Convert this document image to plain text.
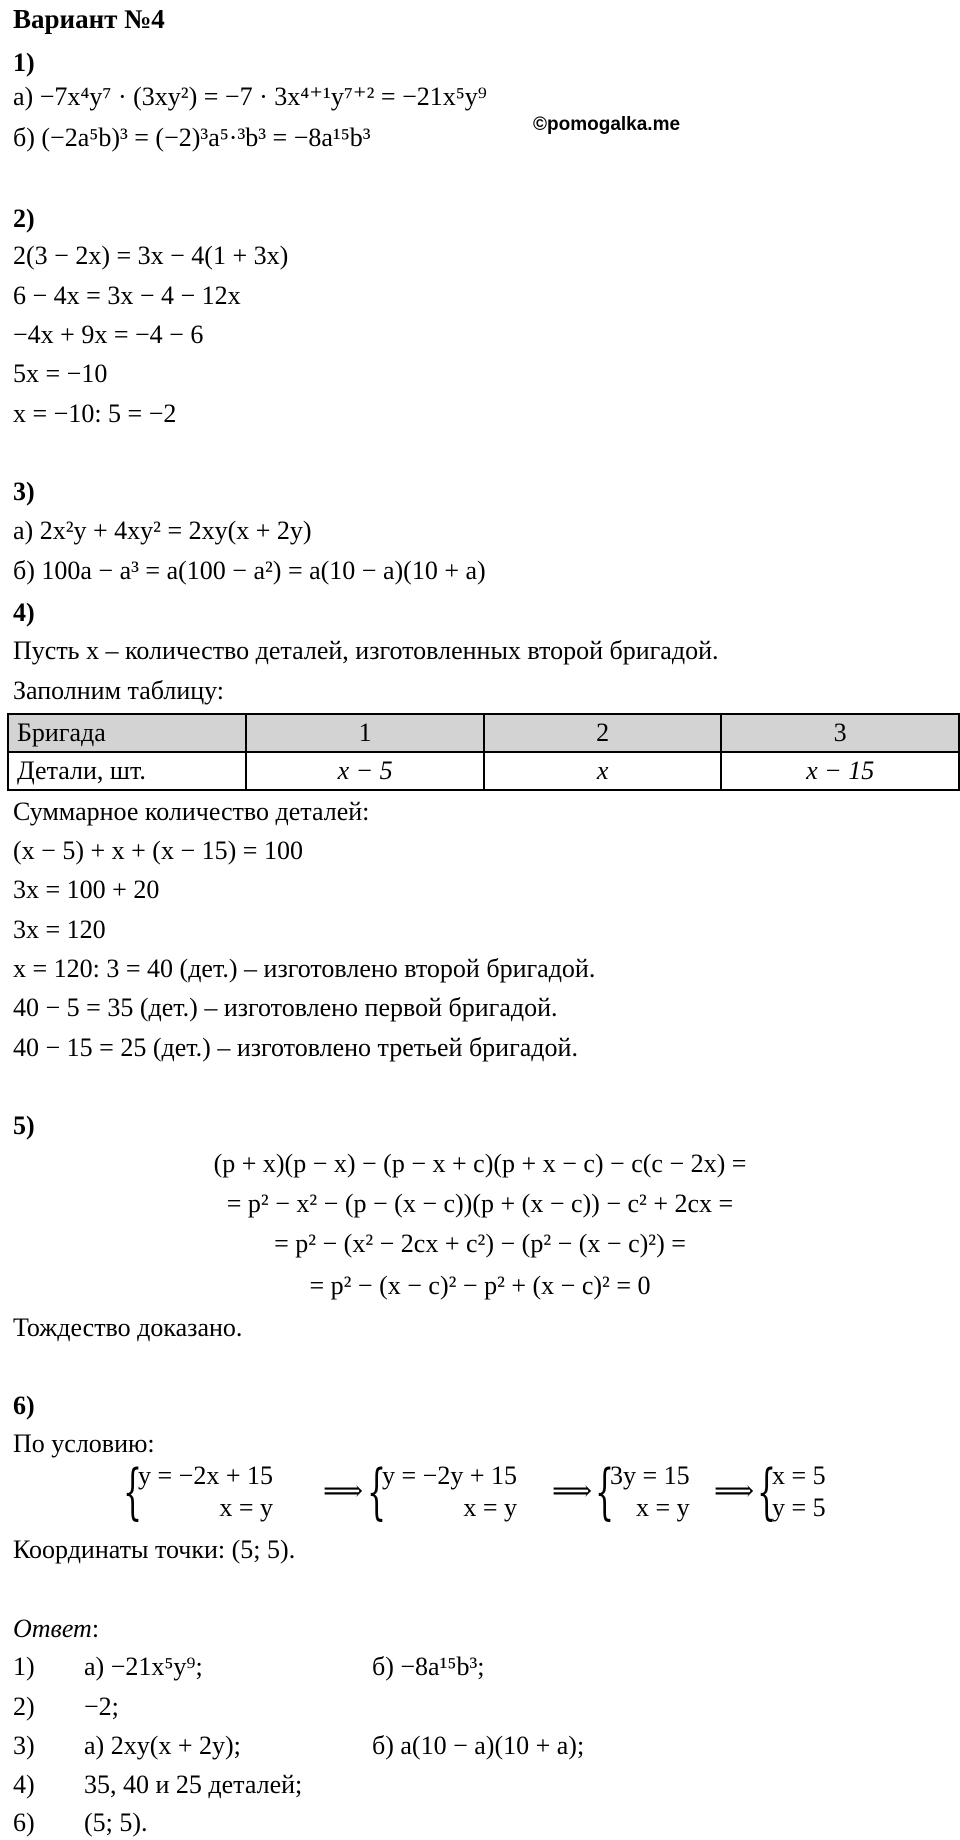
Вариант №4
1)
а) −7x⁴y⁷ · (3xy²) = −7 · 3x⁴⁺¹y⁷⁺² = −21x⁵y⁹
б) (−2a⁵b)³ = (−2)³a⁵·³b³ = −8a¹⁵b³	©pomogalka.me
2)
2(3 − 2x) = 3x − 4(1 + 3x)
6 − 4x = 3x − 4 − 12x
−4x + 9x = −4 − 6
5x = −10
x = −10: 5 = −2
3)
а) 2x²y + 4xy² = 2xy(x + 2y)
б) 100a − a³ = a(100 − a²) = a(10 − a)(10 + a)
4)
Пусть x – количество деталей, изготовленных второй бригадой.
Заполним таблицу:
Бригада	1	2	3
Детали, шт.	x − 5	x	x − 15
Суммарное количество деталей:
(x − 5) + x + (x − 15) = 100
3x = 100 + 20
3x = 120
x = 120: 3 = 40 (дет.) – изготовлено второй бригадой.
40 − 5 = 35 (дет.) – изготовлено первой бригадой.
40 − 15 = 25 (дет.) – изготовлено третьей бригадой.
5)
(p + x)(p − x) − (p − x + c)(p + x − c) − c(c − 2x) =
= p² − x² − (p − (x − c))(p + (x − c)) − c² + 2cx =
= p² − (x² − 2cx + c²) − (p² − (x − c)²) =
= p² − (x − c)² − p² + (x − c)² = 0
Тождество доказано.
6)
По условию:
{
y = −2x + 15
x = y
⟹ {
y = −2y + 15
x = y
⟹ {
3y = 15
x = y
⟹ {
x = 5
y = 5
Координаты точки: (5; 5).
Ответ:
1) а) −21x⁵y⁹;	б) −8a¹⁵b³;
2) −2;
3) а) 2xy(x + 2y);	б) a(10 − a)(10 + a);
4) 35, 40 и 25 деталей;
6) (5; 5).
